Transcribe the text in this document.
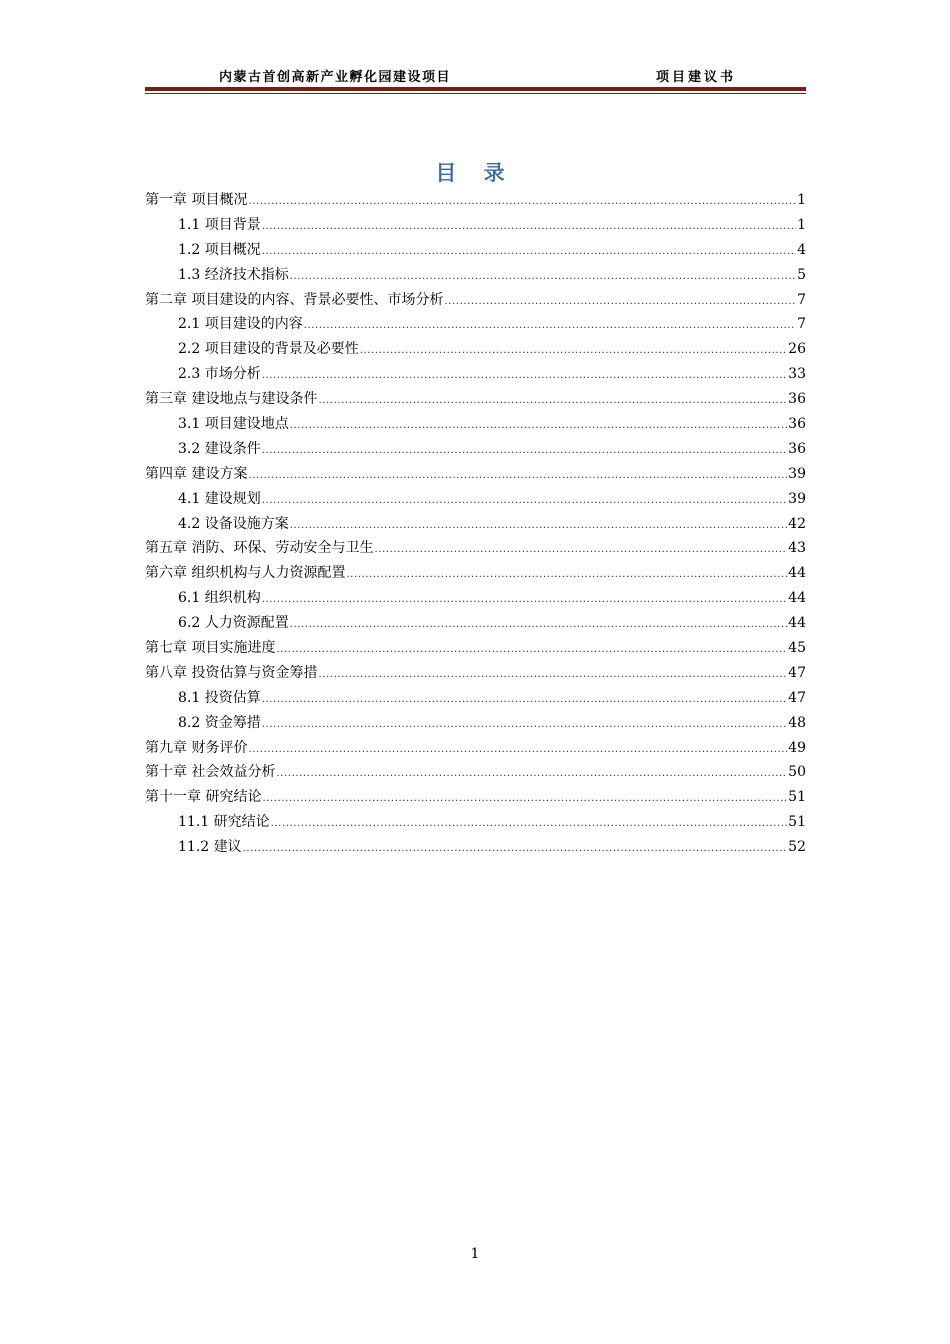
内蒙古首创高新产业孵化园建设项目	项目建议书
目 录
第一章 项目概况 .....	1
1.1 项目背景 .....	1
1.2 项目概况 .....	4
1.3 经济技术指标 .....	5
第二章 项目建设的内容、背景必要性、市场分析 .....	7
2.1 项目建设的内容 .....	7
2.2 项目建设的背景及必要性 .....	26
2.3 市场分析 .....	33
第三章 建设地点与建设条件 .....	36
3.1 项目建设地点 .....	36
3.2 建设条件 .....	36
第四章 建设方案 .....	39
4.1 建设规划 .....	39
4.2 设备设施方案 .....	42
第五章 消防、环保、劳动安全与卫生 .....	43
第六章 组织机构与人力资源配置 .....	44
6.1 组织机构 .....	44
6.2 人力资源配置 .....	44
第七章 项目实施进度 .....	45
第八章 投资估算与资金筹措 .....	47
8.1 投资估算 .....	47
8.2 资金筹措 .....	48
第九章 财务评价 .....	49
第十章 社会效益分析 .....	50
第十一章 研究结论 .....	51
11.1 研究结论 .....	51
11.2 建议 .....	52
1
